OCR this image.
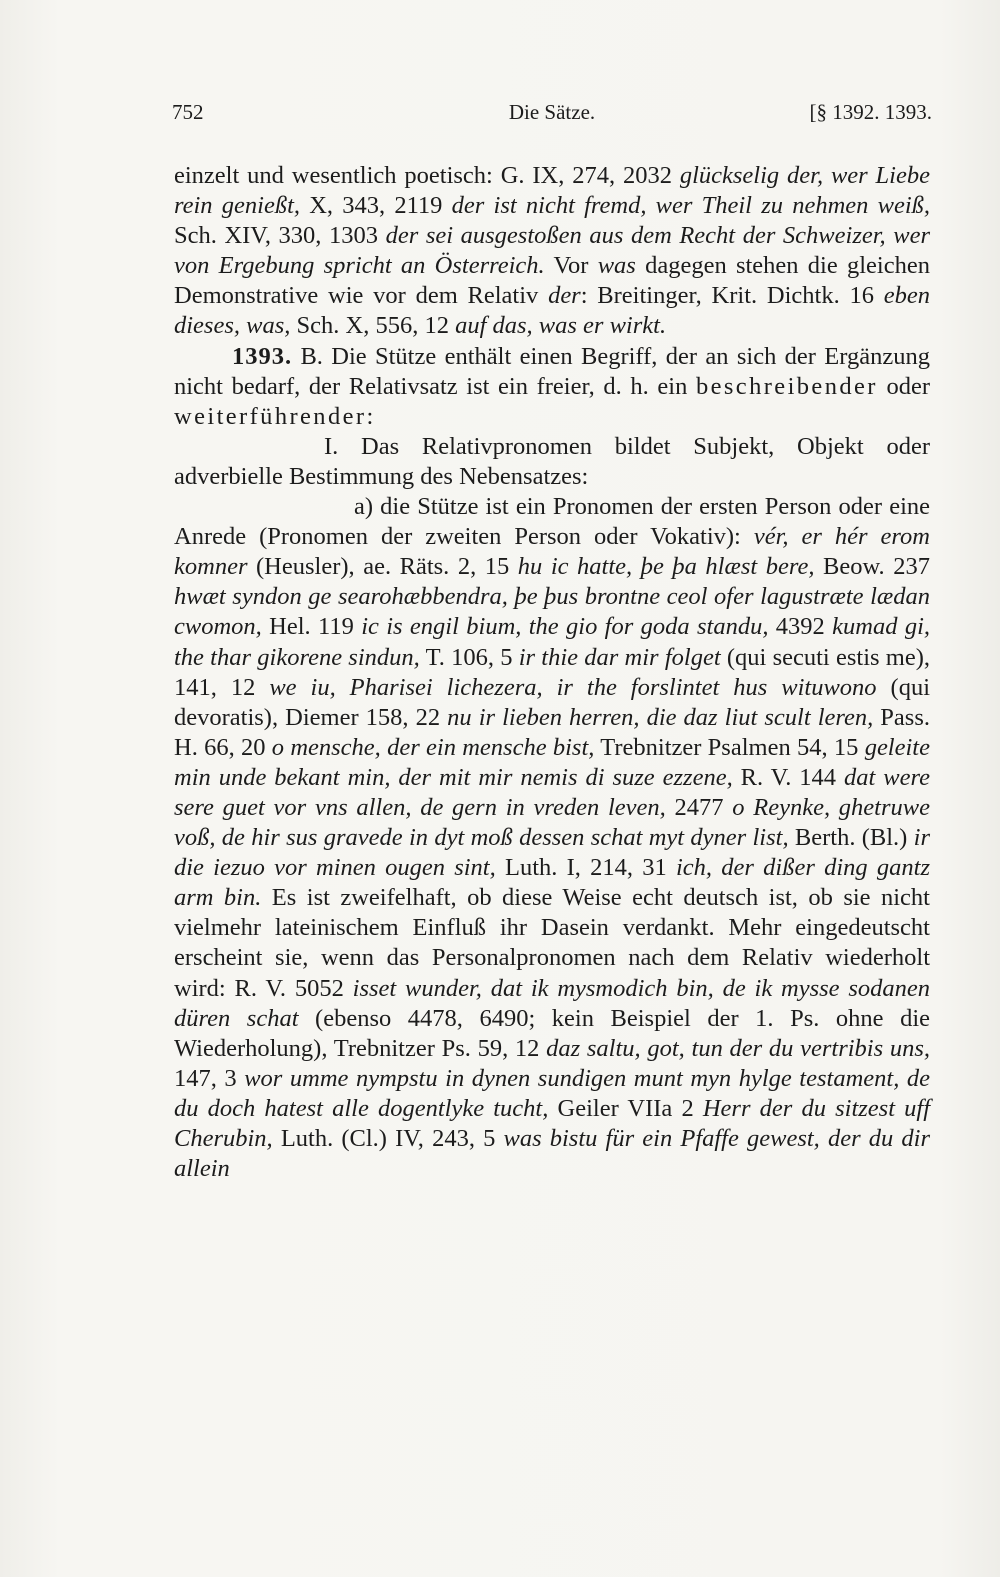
752	Die Sätze.	[§ 1392. 1393.

einzelt und wesentlich poetisch: G. IX, 274, 2032 glückselig der, wer Liebe rein genießt, X, 343, 2119 der ist nicht fremd, wer Theil zu nehmen weiß, Sch. XIV, 330, 1303 der sei ausgestoßen aus dem Recht der Schweizer, wer von Ergebung spricht an Österreich. Vor was dagegen stehen die gleichen Demonstrative wie vor dem Relativ der: Breitinger, Krit. Dichtk. 16 eben dieses, was, Sch. X, 556, 12 auf das, was er wirkt.

1393. B. Die Stütze enthält einen Begriff, der an sich der Ergänzung nicht bedarf, der Relativsatz ist ein freier, d. h. ein beschreibender oder weiterführender:

I. Das Relativpronomen bildet Subjekt, Objekt oder adverbielle Bestimmung des Nebensatzes:

a) die Stütze ist ein Pronomen der ersten Person oder eine Anrede (Pronomen der zweiten Person oder Vokativ): vér, er hér erom komner (Heusler), ae. Räts. 2, 15 hu ic hatte, þe þa hlæst bere, Beow. 237 hwæt syndon ge searohæbbendra, þe þus brontne ceol ofer lagustræte lædan cwomon, Hel. 119 ic is engil bium, the gio for goda standu, 4392 kumad gi, the thar gikorene sindun, T. 106, 5 ir thie dar mir folget (qui secuti estis me), 141, 12 we iu, Pharisei lichezera, ir the forslintet hus wituwono (qui devoratis), Diemer 158, 22 nu ir lieben herren, die daz liut scult leren, Pass. H. 66, 20 o mensche, der ein mensche bist, Trebnitzer Psalmen 54, 15 geleite min unde bekant min, der mit mir nemis di suze ezzene, R. V. 144 dat were sere guet vor vns allen, de gern in vreden leven, 2477 o Reynke, ghetruwe voß, de hir sus gravede in dyt moß dessen schat myt dyner list, Berth. (Bl.) ir die iezuo vor minen ougen sint, Luth. I, 214, 31 ich, der dißer ding gantz arm bin. Es ist zweifelhaft, ob diese Weise echt deutsch ist, ob sie nicht vielmehr lateinischem Einfluß ihr Dasein verdankt. Mehr eingedeutscht erscheint sie, wenn das Personalpronomen nach dem Relativ wiederholt wird: R. V. 5052 isset wunder, dat ik mysmodich bin, de ik mysse sodanen düren schat (ebenso 4478, 6490; kein Beispiel der 1. Ps. ohne die Wiederholung), Trebnitzer Ps. 59, 12 daz saltu, got, tun der du vertribis uns, 147, 3 wor umme nympstu in dynen sundigen munt myn hylge testament, de du doch hatest alle dogentlyke tucht, Geiler VIIa 2 Herr der du sitzest uff Cherubin, Luth. (Cl.) IV, 243, 5 was bistu für ein Pfaffe gewest, der du dir allein
